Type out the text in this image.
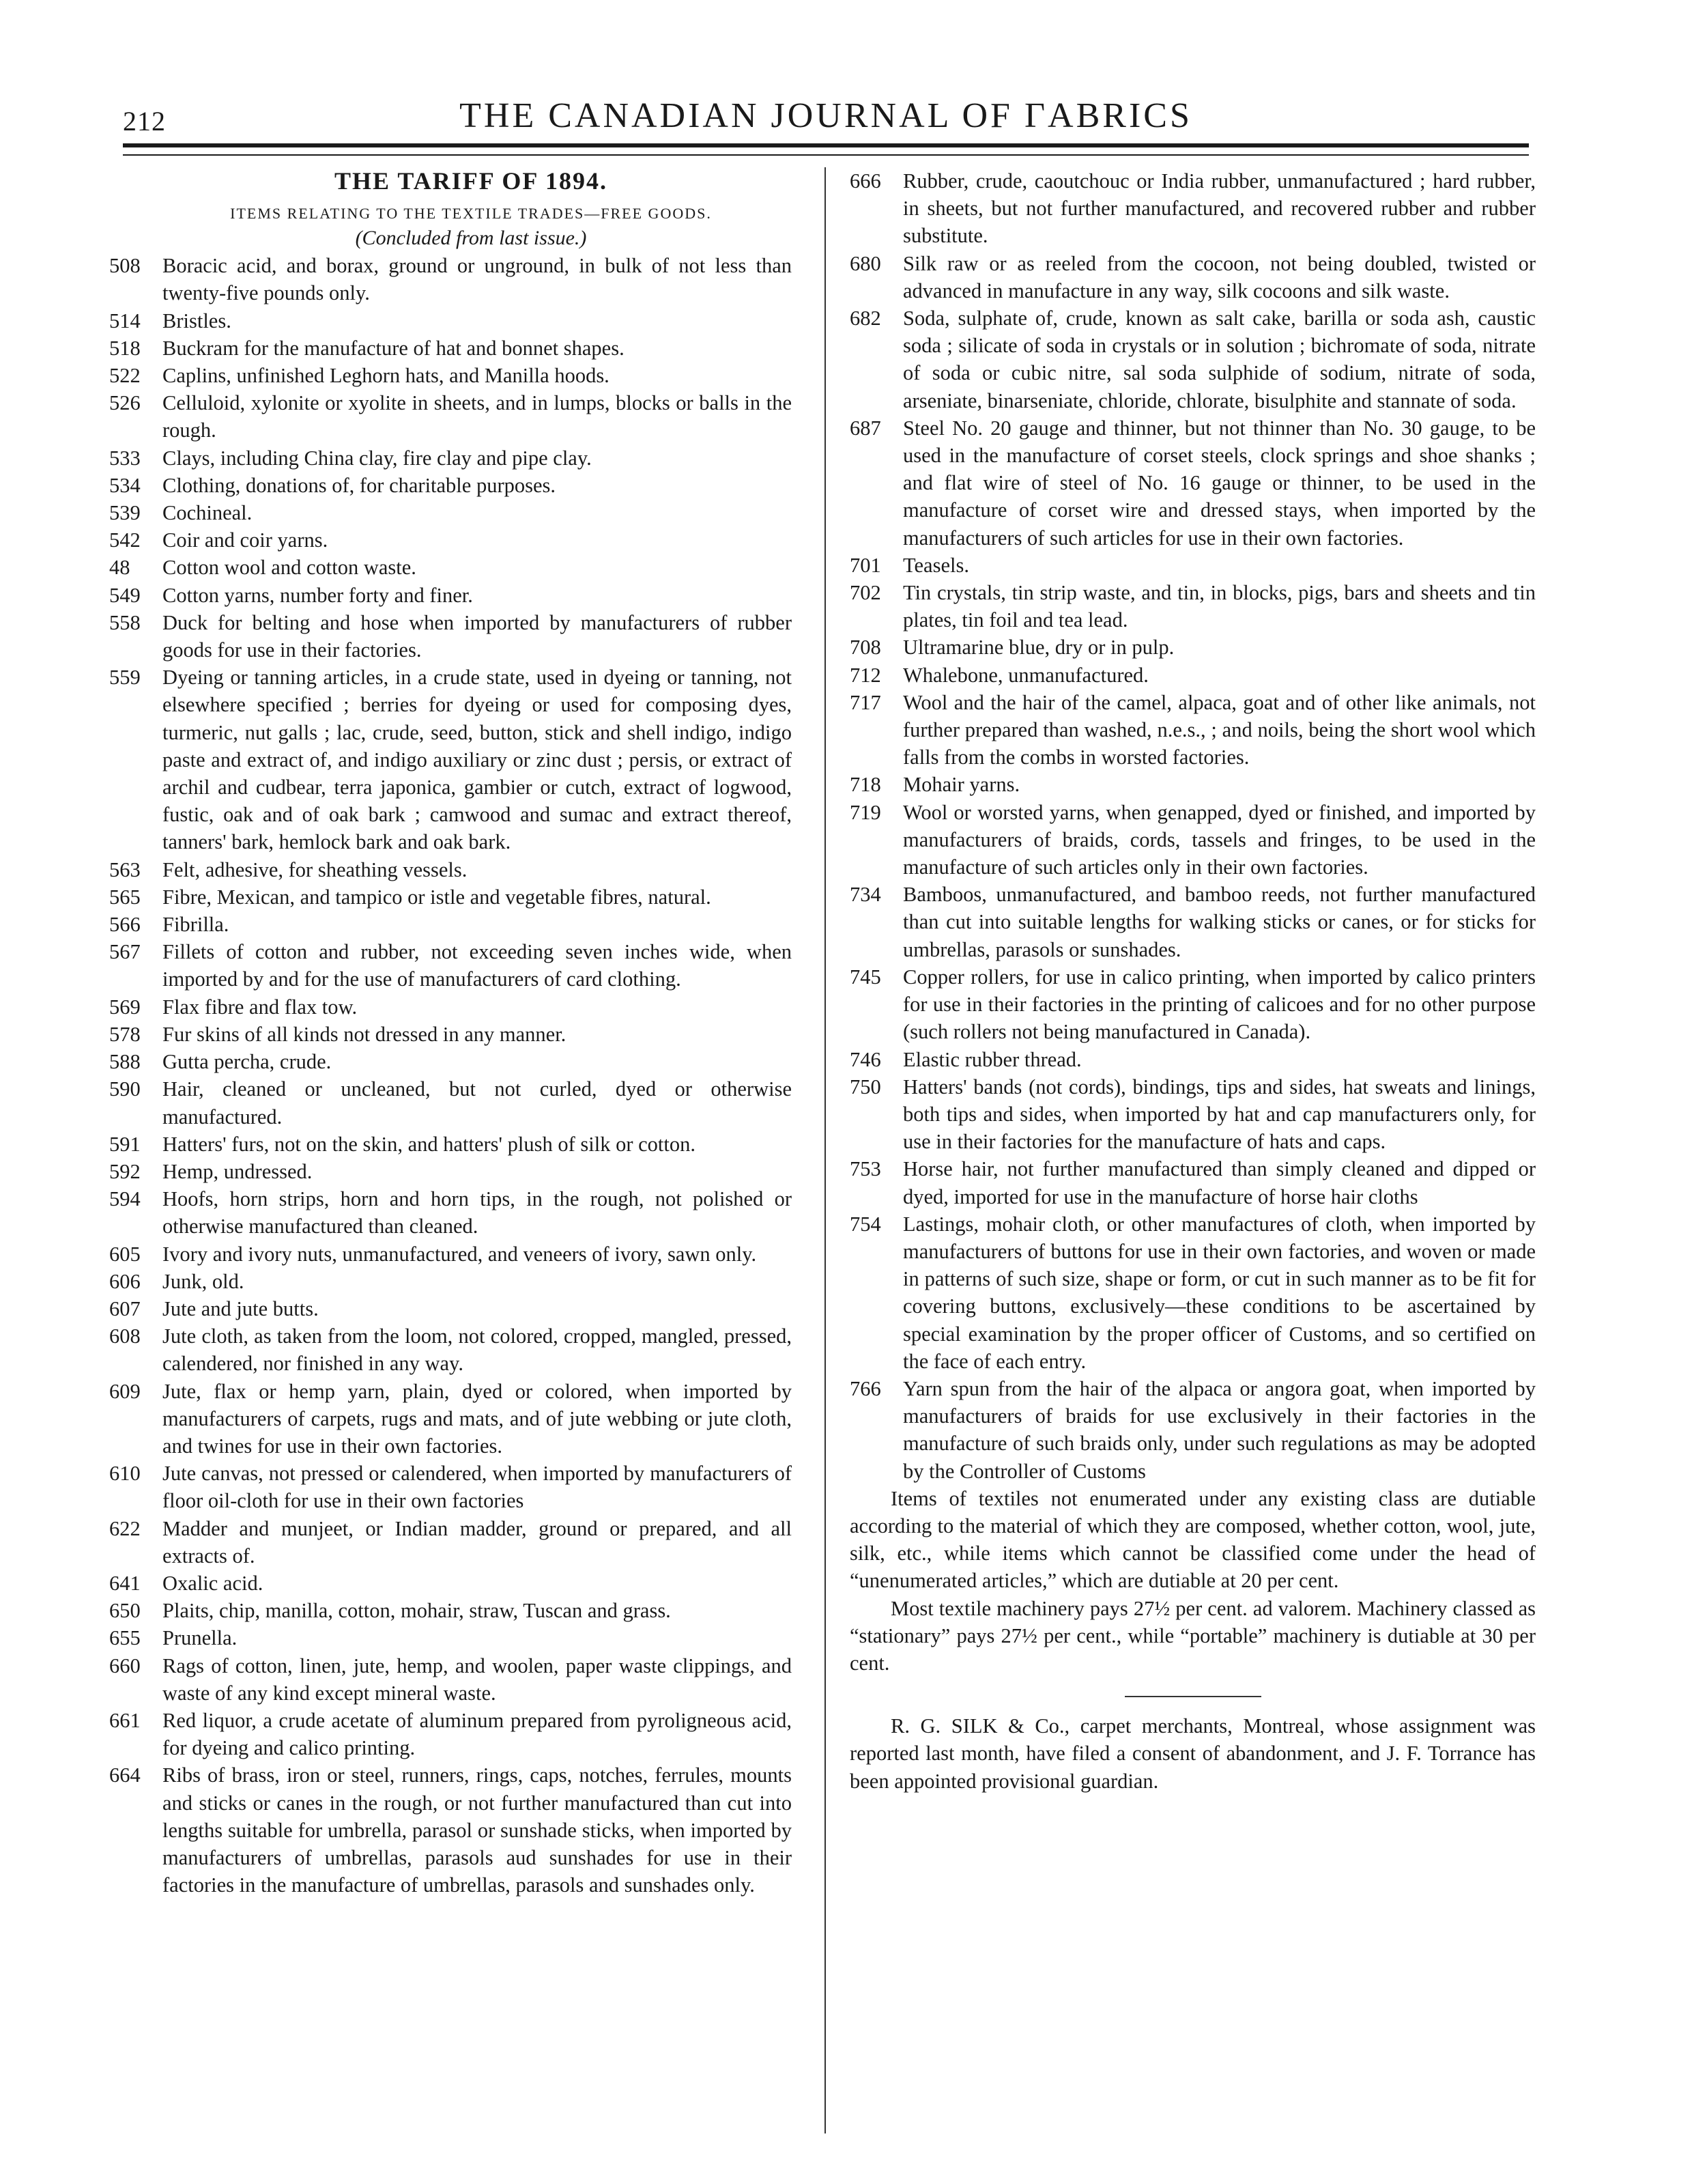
212	THE CANADIAN JOURNAL OF ΓABRICS
THE TARIFF OF 1894.
ITEMS RELATING TO THE TEXTILE TRADES—FREE GOODS.
(Concluded from last issue.)
508	Boracic acid, and borax, ground or unground, in bulk of not less than twenty-five pounds only.
514	Bristles.
518	Buckram for the manufacture of hat and bonnet shapes.
522	Caplins, unfinished Leghorn hats, and Manilla hoods.
526	Celluloid, xylonite or xyolite in sheets, and in lumps, blocks or balls in the rough.
533	Clays, including China clay, fire clay and pipe clay.
534	Clothing, donations of, for charitable purposes.
539	Cochineal.
542	Coir and coir yarns.
48	Cotton wool and cotton waste.
549	Cotton yarns, number forty and finer.
558	Duck for belting and hose when imported by manufacturers of rubber goods for use in their factories.
559	Dyeing or tanning articles, in a crude state, used in dyeing or tanning, not elsewhere specified ; berries for dyeing or used for composing dyes, turmeric, nut galls ; lac, crude, seed, button, stick and shell indigo, indigo paste and extract of, and indigo auxiliary or zinc dust ; persis, or extract of archil and cudbear, terra japonica, gambier or cutch, extract of logwood, fustic, oak and of oak bark ; camwood and sumac and extract thereof, tanners' bark, hemlock bark and oak bark.
563	Felt, adhesive, for sheathing vessels.
565	Fibre, Mexican, and tampico or istle and vegetable fibres, natural.
566	Fibrilla.
567	Fillets of cotton and rubber, not exceeding seven inches wide, when imported by and for the use of manufacturers of card clothing.
569	Flax fibre and flax tow.
578	Fur skins of all kinds not dressed in any manner.
588	Gutta percha, crude.
590	Hair, cleaned or uncleaned, but not curled, dyed or otherwise manufactured.
591	Hatters' furs, not on the skin, and hatters' plush of silk or cotton.
592	Hemp, undressed.
594	Hoofs, horn strips, horn and horn tips, in the rough, not polished or otherwise manufactured than cleaned.
605	Ivory and ivory nuts, unmanufactured, and veneers of ivory, sawn only.
606	Junk, old.
607	Jute and jute butts.
608	Jute cloth, as taken from the loom, not colored, cropped, mangled, pressed, calendered, nor finished in any way.
609	Jute, flax or hemp yarn, plain, dyed or colored, when imported by manufacturers of carpets, rugs and mats, and of jute webbing or jute cloth, and twines for use in their own factories.
610	Jute canvas, not pressed or calendered, when imported by manufacturers of floor oil-cloth for use in their own factories
622	Madder and munjeet, or Indian madder, ground or prepared, and all extracts of.
641	Oxalic acid.
650	Plaits, chip, manilla, cotton, mohair, straw, Tuscan and grass.
655	Prunella.
660	Rags of cotton, linen, jute, hemp, and woolen, paper waste clippings, and waste of any kind except mineral waste.
661	Red liquor, a crude acetate of aluminum prepared from pyroligneous acid, for dyeing and calico printing.
664	Ribs of brass, iron or steel, runners, rings, caps, notches, ferrules, mounts and sticks or canes in the rough, or not further manufactured than cut into lengths suitable for umbrella, parasol or sunshade sticks, when imported by manufacturers of umbrellas, parasols aud sunshades for use in their factories in the manufacture of umbrellas, parasols and sunshades only.
666	Rubber, crude, caoutchouc or India rubber, unmanufactured ; hard rubber, in sheets, but not further manufactured, and recovered rubber and rubber substitute.
680	Silk raw or as reeled from the cocoon, not being doubled, twisted or advanced in manufacture in any way, silk cocoons and silk waste.
682	Soda, sulphate of, crude, known as salt cake, barilla or soda ash, caustic soda ; silicate of soda in crystals or in solution ; bichromate of soda, nitrate of soda or cubic nitre, sal soda sulphide of sodium, nitrate of soda, arseniate, binarseniate, chloride, chlorate, bisulphite and stannate of soda.
687	Steel No. 20 gauge and thinner, but not thinner than No. 30 gauge, to be used in the manufacture of corset steels, clock springs and shoe shanks ; and flat wire of steel of No. 16 gauge or thinner, to be used in the manufacture of corset wire and dressed stays, when imported by the manufacturers of such articles for use in their own factories.
701	Teasels.
702	Tin crystals, tin strip waste, and tin, in blocks, pigs, bars and sheets and tin plates, tin foil and tea lead.
708	Ultramarine blue, dry or in pulp.
712	Whalebone, unmanufactured.
717	Wool and the hair of the camel, alpaca, goat and of other like animals, not further prepared than washed, n.e.s., ; and noils, being the short wool which falls from the combs in worsted factories.
718	Mohair yarns.
719	Wool or worsted yarns, when genapped, dyed or finished, and imported by manufacturers of braids, cords, tassels and fringes, to be used in the manufacture of such articles only in their own factories.
734	Bamboos, unmanufactured, and bamboo reeds, not further manufactured than cut into suitable lengths for walking sticks or canes, or for sticks for umbrellas, parasols or sunshades.
745	Copper rollers, for use in calico printing, when imported by calico printers for use in their factories in the printing of calicoes and for no other purpose (such rollers not being manufactured in Canada).
746	Elastic rubber thread.
750	Hatters' bands (not cords), bindings, tips and sides, hat sweats and linings, both tips and sides, when imported by hat and cap manufacturers only, for use in their factories for the manufacture of hats and caps.
753	Horse hair, not further manufactured than simply cleaned and dipped or dyed, imported for use in the manufacture of horse hair cloths
754	Lastings, mohair cloth, or other manufactures of cloth, when imported by manufacturers of buttons for use in their own factories, and woven or made in patterns of such size, shape or form, or cut in such manner as to be fit for covering buttons, exclusively—these conditions to be ascertained by special examination by the proper officer of Customs, and so certified on the face of each entry.
766	Yarn spun from the hair of the alpaca or angora goat, when imported by manufacturers of braids for use exclusively in their factories in the manufacture of such braids only, under such regulations as may be adopted by the Controller of Customs

Items of textiles not enumerated under any existing class are dutiable according to the material of which they are composed, whether cotton, wool, jute, silk, etc., while items which cannot be classified come under the head of “unenumerated articles,” which are dutiable at 20 per cent.

Most textile machinery pays 27½ per cent. ad valorem. Machinery classed as “stationary” pays 27½ per cent., while “portable” machinery is dutiable at 30 per cent.

R. G. SILK & Co., carpet merchants, Montreal, whose assignment was reported last month, have filed a consent of abandonment, and J. F. Torrance has been appointed provisional guardian.
